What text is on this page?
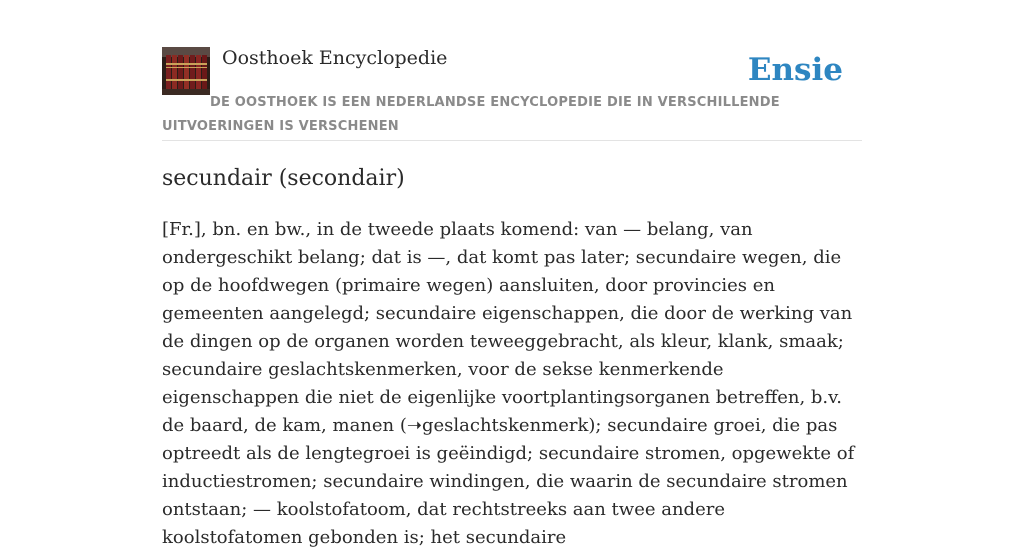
Oosthoek Encyclopedie	Ensie
DE OOSTHOEK IS EEN NEDERLANDSE ENCYCLOPEDIE DIE IN VERSCHILLENDE UITVOERINGEN IS VERSCHENEN
secundair (secondair)

[Fr.], bn. en bw., in de tweede plaats komend: van — belang, van ondergeschikt belang; dat is —, dat komt pas later; secundaire wegen, die op de hoofdwegen (primaire wegen) aansluiten, door provincies en gemeenten aangelegd; secundaire eigenschappen, die door de werking van de dingen op de organen worden teweeggebracht, als kleur, klank, smaak; secundaire geslachtskenmerken, voor de sekse kenmerkende eigenschappen die niet de eigenlijke voortplantingsorganen betreffen, b.v. de baard, de kam, manen (➝geslachtskenmerk); secundaire groei, die pas optreedt als de lengtegroei is geëindigd; secundaire stromen, opgewekte of inductiestromen; secundaire windingen, die waarin de secundaire stromen ontstaan; — koolstofatoom, dat rechtstreeks aan twee andere koolstofatomen gebonden is; het secundaire
